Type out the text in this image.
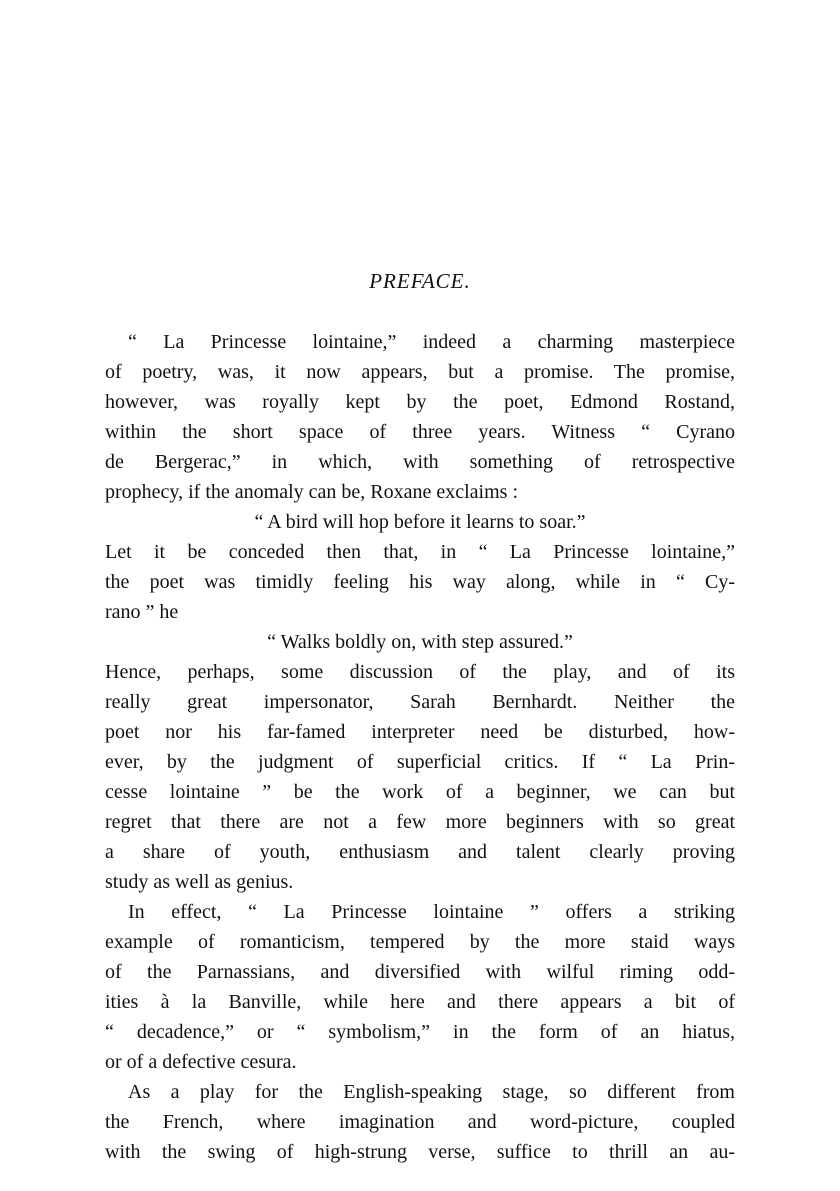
PREFACE.
“ La Princesse lointaine,” indeed a charming masterpiece
of poetry, was, it now appears, but a promise. The promise,
however, was royally kept by the poet, Edmond Rostand,
within the short space of three years. Witness “ Cyrano
de Bergerac,” in which, with something of retrospective
prophecy, if the anomaly can be, Roxane exclaims :
“ A bird will hop before it learns to soar.”
Let it be conceded then that, in “ La Princesse lointaine,”
the poet was timidly feeling his way along, while in “ Cy-
rano ” he
“ Walks boldly on, with step assured.”
Hence, perhaps, some discussion of the play, and of its
really great impersonator, Sarah Bernhardt. Neither the
poet nor his far-famed interpreter need be disturbed, how-
ever, by the judgment of superficial critics. If “ La Prin-
cesse lointaine ” be the work of a beginner, we can but
regret that there are not a few more beginners with so great
a share of youth, enthusiasm and talent clearly proving
study as well as genius.
In effect, “ La Princesse lointaine ” offers a striking
example of romanticism, tempered by the more staid ways
of the Parnassians, and diversified with wilful riming odd-
ities à la Banville, while here and there appears a bit of
“ decadence,” or “ symbolism,” in the form of an hiatus,
or of a defective cesura.
As a play for the English-speaking stage, so different from
the French, where imagination and word-picture, coupled
with the swing of high-strung verse, suffice to thrill an au-
